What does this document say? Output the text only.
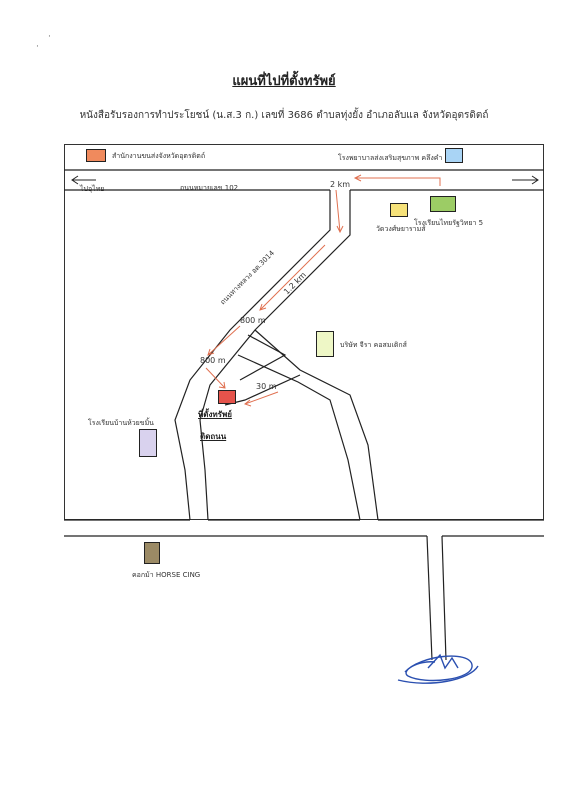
·
·
แผนที่ไปที่ตั้งทรัพย์
หนังสือรับรองการทำประโยชน์ (น.ส.3 ก.) เลขที่ 3686 ตำบลทุ่งยั้ง อำเภอลับแล จังหวัดอุตรดิตถ์
สำนักงานขนส่งจังหวัดอุตรดิตถ์	โรงพยาบาลส่งเสริมสุขภาพ คลึงคำ
ไปอุไทย	ถนนหมายเลข 102	2 km
วัดวงศ์ษยารามส์
โรงเรียนไทยรัฐวิทยา 5
ถนนทางหลวง อต.3014 1.2 km
800 m
800 m
30 m
บริษัท จีรา คอสมเติกส์
ที่ตั้งทรัพย์
ติดถนน
โรงเรียนบ้านห้วยขมิ้น
คอกม้า HORSE CING
